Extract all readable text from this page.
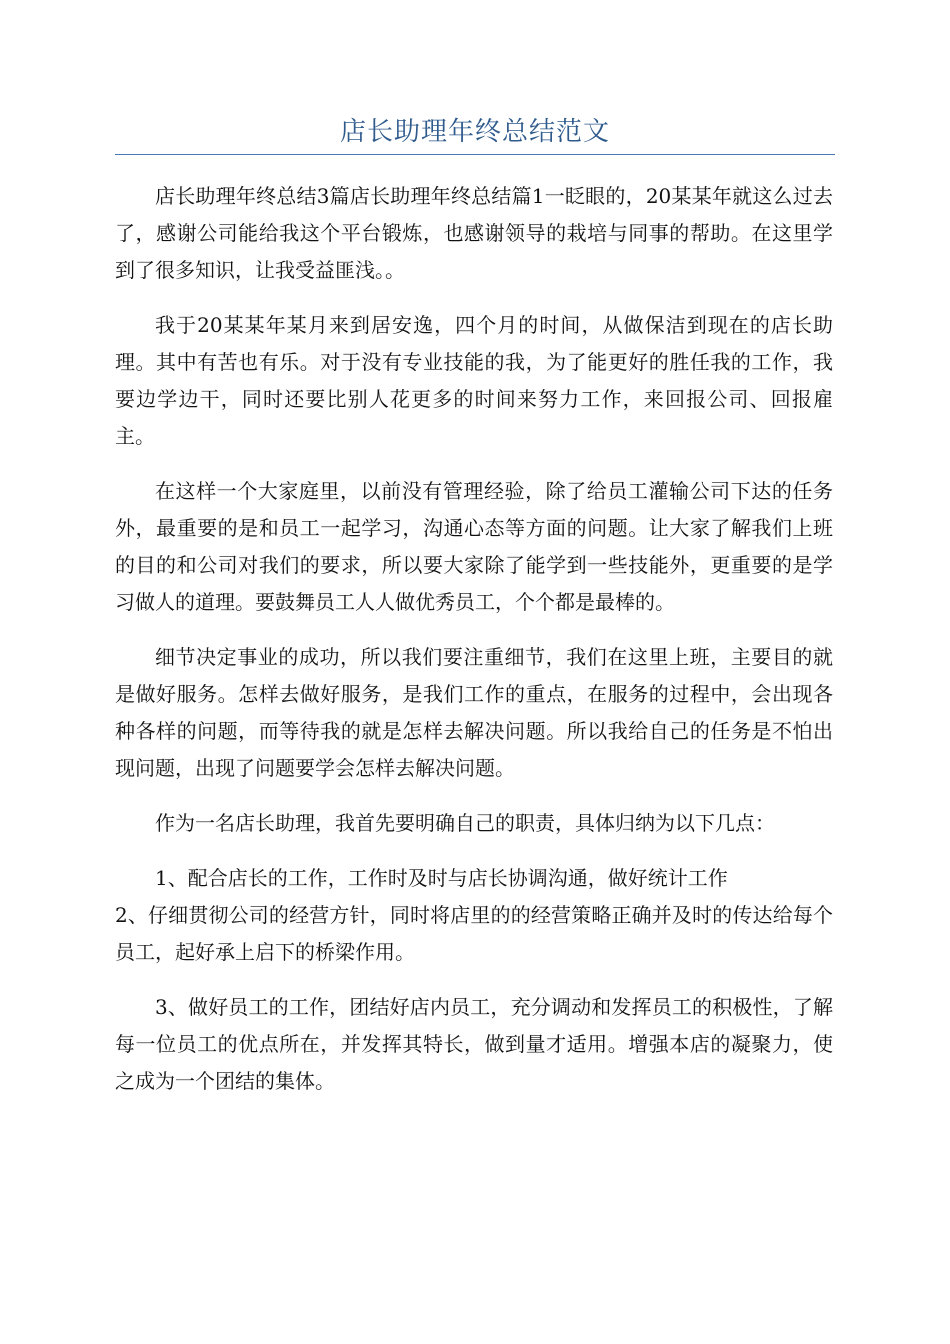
店长助理年终总结范文

店长助理年终总结3篇店长助理年终总结篇1一眨眼的，20某某年就这么过去了，感谢公司能给我这个平台锻炼，也感谢领导的栽培与同事的帮助。在这里学到了很多知识，让我受益匪浅。。

我于20某某年某月来到居安逸，四个月的时间，从做保洁到现在的店长助理。其中有苦也有乐。对于没有专业技能的我，为了能更好的胜任我的工作，我要边学边干，同时还要比别人花更多的时间来努力工作，来回报公司、回报雇主。

在这样一个大家庭里，以前没有管理经验，除了给员工灌输公司下达的任务外，最重要的是和员工一起学习，沟通心态等方面的问题。让大家了解我们上班的目的和公司对我们的要求，所以要大家除了能学到一些技能外，更重要的是学习做人的道理。要鼓舞员工人人做优秀员工，个个都是最棒的。

细节决定事业的成功，所以我们要注重细节，我们在这里上班，主要目的就是做好服务。怎样去做好服务，是我们工作的重点，在服务的过程中，会出现各种各样的问题，而等待我的就是怎样去解决问题。所以我给自己的任务是不怕出现问题，出现了问题要学会怎样去解决问题。

作为一名店长助理，我首先要明确自己的职责，具体归纳为以下几点：

1、配合店长的工作，工作时及时与店长协调沟通，做好统计工作

2、仔细贯彻公司的经营方针，同时将店里的的经营策略正确并及时的传达给每个员工，起好承上启下的桥梁作用。

3、做好员工的工作，团结好店内员工，充分调动和发挥员工的积极性，了解每一位员工的优点所在，并发挥其特长，做到量才适用。增强本店的凝聚力，使之成为一个团结的集体。
